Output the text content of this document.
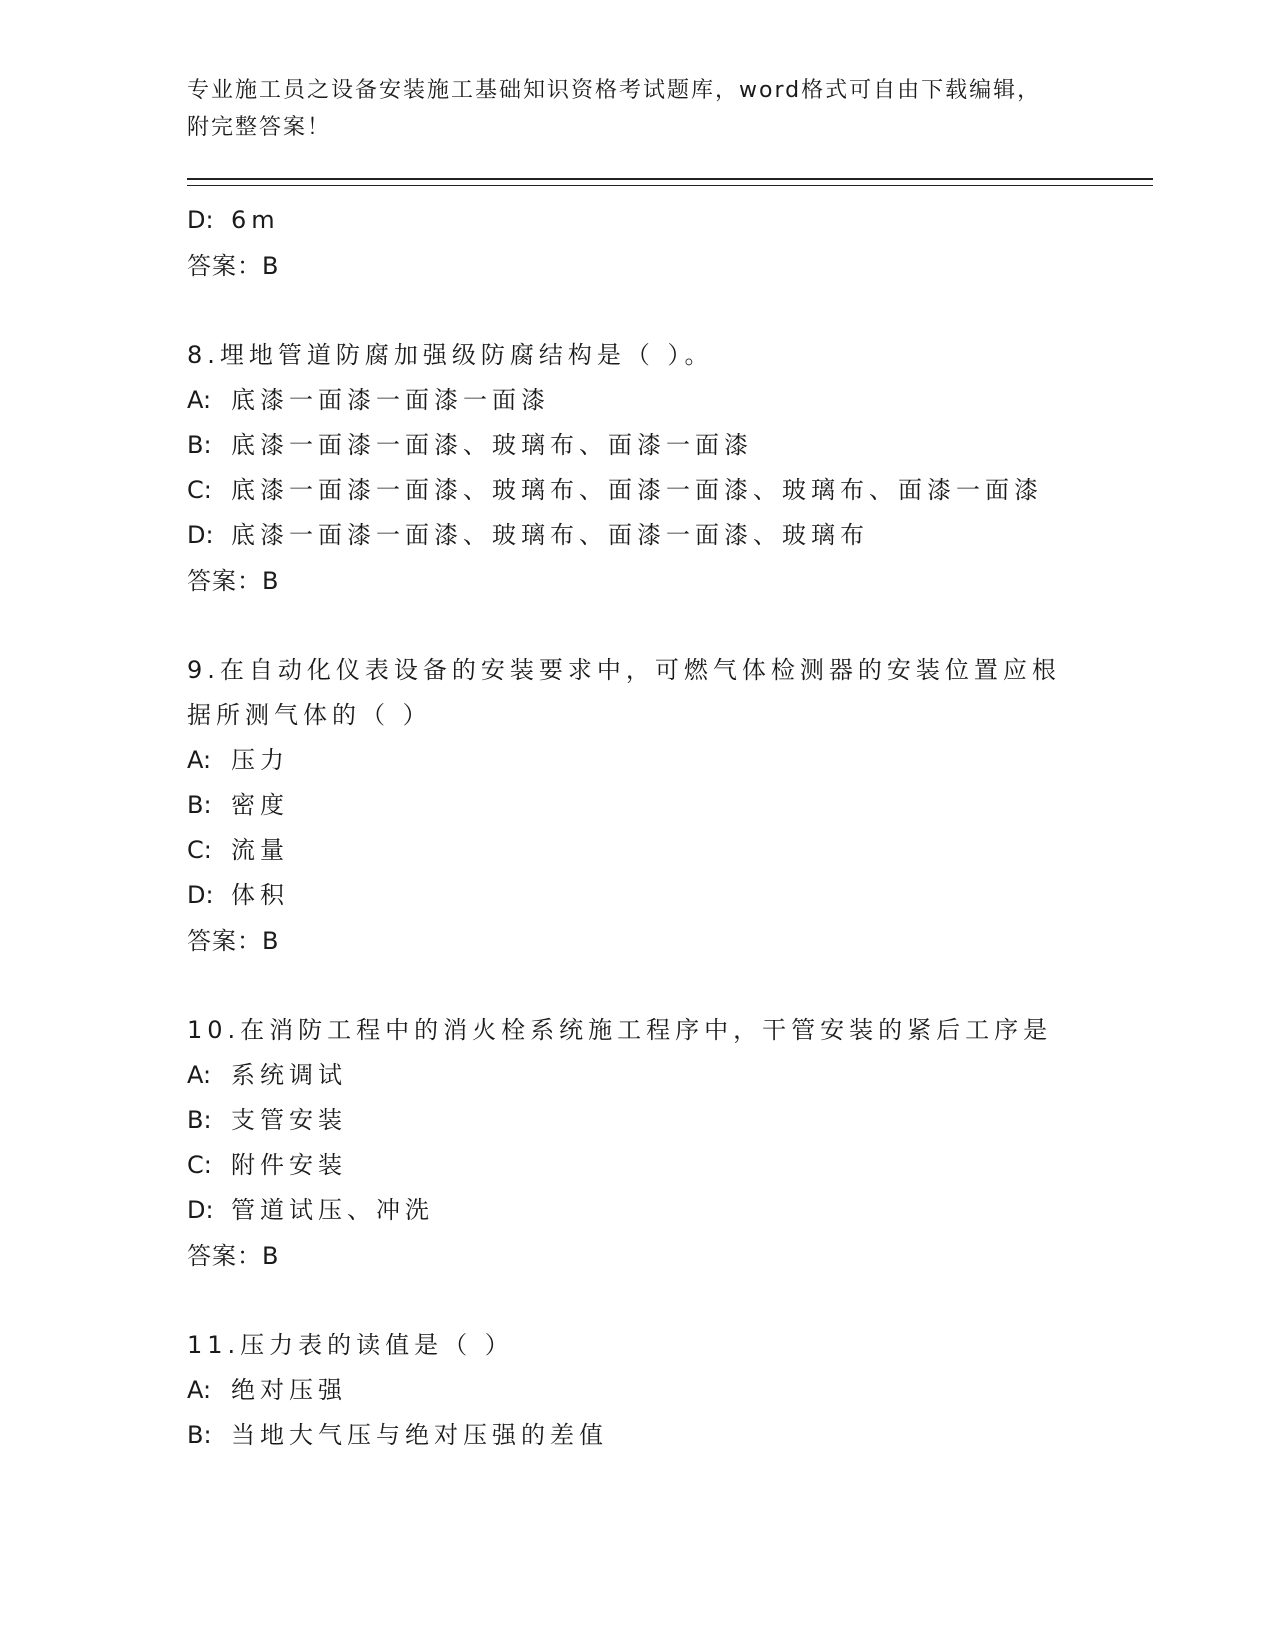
专业施工员之设备安装施工基础知识资格考试题库，word格式可自由下载编辑，

附完整答案！

D: 6m
答案：B
8.埋地管道防腐加强级防腐结构是（ ）。
A: 底漆一面漆一面漆一面漆
B: 底漆一面漆一面漆、玻璃布、面漆一面漆
C: 底漆一面漆一面漆、玻璃布、面漆一面漆、玻璃布、面漆一面漆
D: 底漆一面漆一面漆、玻璃布、面漆一面漆、玻璃布
答案：B
9.在自动化仪表设备的安装要求中，可燃气体检测器的安装位置应根
据所测气体的（ ）
A: 压力
B: 密度
C: 流量
D: 体积
答案：B
10.在消防工程中的消火栓系统施工程序中，干管安装的紧后工序是
A: 系统调试
B: 支管安装
C: 附件安装
D: 管道试压、冲洗
答案：B
11.压力表的读值是（ ）
A: 绝对压强
B: 当地大气压与绝对压强的差值
